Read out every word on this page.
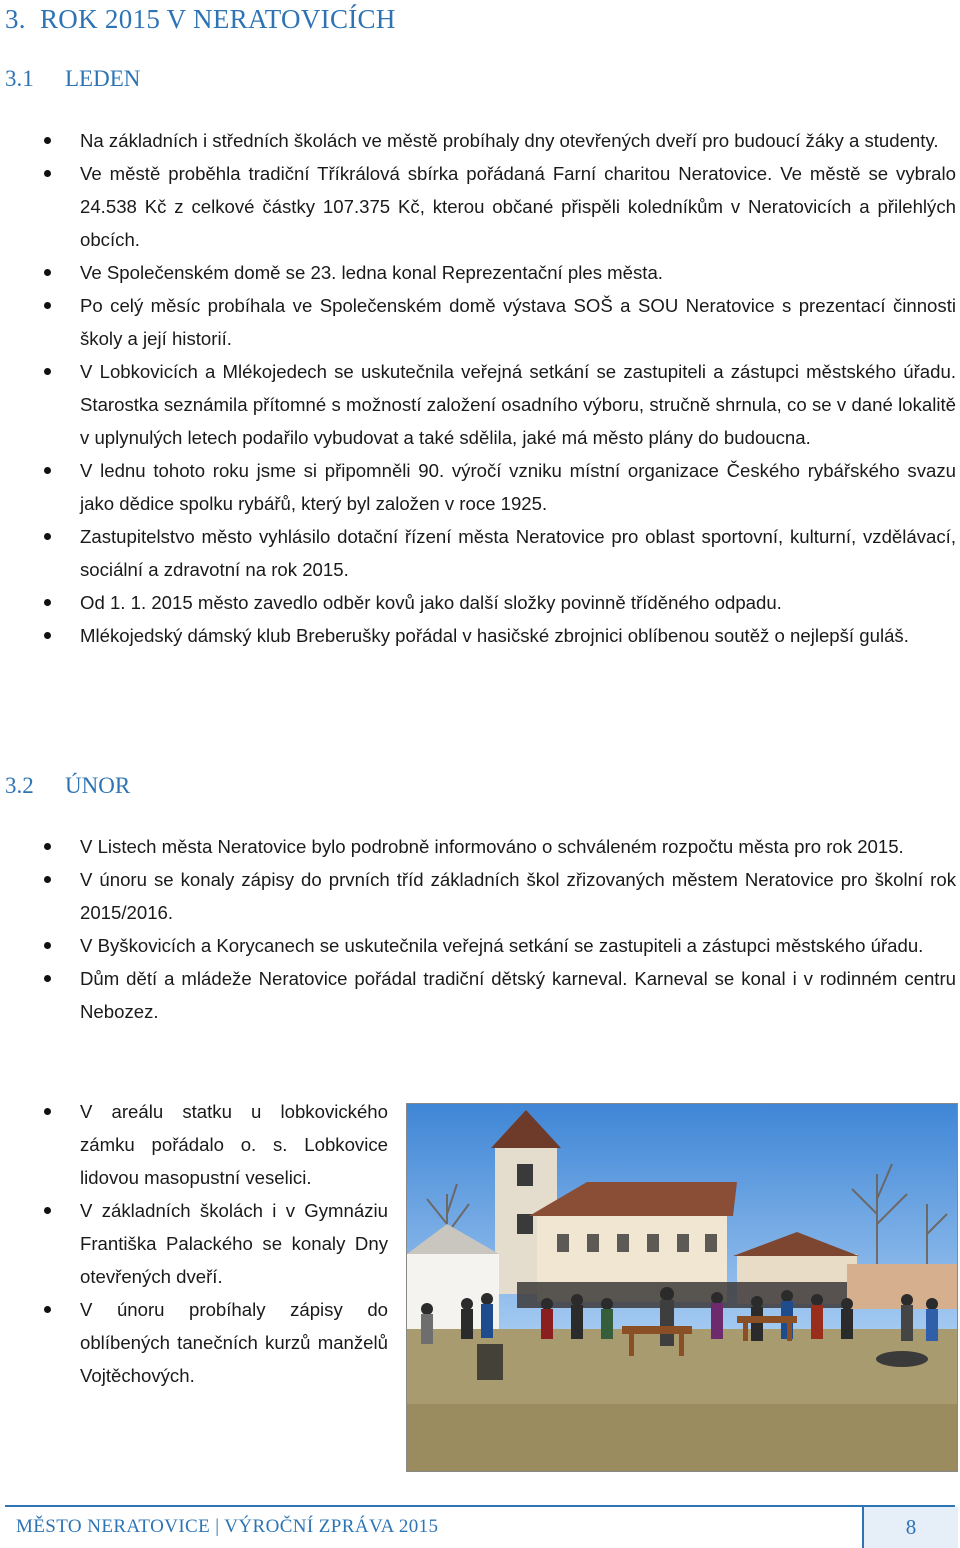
3. ROK 2015 V NERATOVICÍCH
3.1 LEDEN
Na základních i středních školách ve městě probíhaly dny otevřených dveří pro budoucí žáky a studenty.
Ve městě proběhla tradiční Tříkrálová sbírka pořádaná Farní charitou Neratovice. Ve městě se vybralo 24.538 Kč z celkové částky 107.375 Kč, kterou občané přispěli koledníkům v Neratovicích a přilehlých obcích.
Ve Společenském domě se 23. ledna konal Reprezentační ples města.
Po celý měsíc probíhala ve Společenském domě výstava SOŠ a SOU Neratovice s prezentací činnosti školy a její historií.
V Lobkovicích a Mlékojedech se uskutečnila veřejná setkání se zastupiteli a zástupci městského úřadu. Starostka seznámila přítomné s možností založení osadního výboru, stručně shrnula, co se v dané lokalitě v uplynulých letech podařilo vybudovat a také sdělila, jaké má město plány do budoucna.
V lednu tohoto roku jsme si připomněli 90. výročí vzniku místní organizace Českého rybářského svazu jako dědice spolku rybářů, který byl založen v roce 1925.
Zastupitelstvo město vyhlásilo dotační řízení města Neratovice pro oblast sportovní, kulturní, vzdělávací, sociální a zdravotní na rok 2015.
Od 1. 1. 2015 město zavedlo odběr kovů jako další složky povinně tříděného odpadu.
Mlékojedský dámský klub Breberušky pořádal v hasičské zbrojnici oblíbenou soutěž o nejlepší guláš.
3.2 ÚNOR
V Listech města Neratovice bylo podrobně informováno o schváleném rozpočtu města pro rok 2015.
V únoru se konaly zápisy do prvních tříd základních škol zřizovaných městem Neratovice pro školní rok 2015/2016.
V Byškovicích a Korycanech se uskutečnila veřejná setkání se zastupiteli a zástupci městského úřadu.
Dům dětí a mládeže Neratovice pořádal tradiční dětský karneval. Karneval se konal i v rodinném centru Nebozez.
V areálu statku u lobkovického zámku pořádalo o. s. Lobkovice lidovou masopustní veselici.
V základních školách i v Gymnáziu Františka Palackého se konaly Dny otevřených dveří.
V únoru probíhaly zápisy do oblíbených tanečních kurzů manželů Vojtěchových.
MĚSTO NERATOVICE | VÝROČNÍ ZPRÁVA 2015	8
